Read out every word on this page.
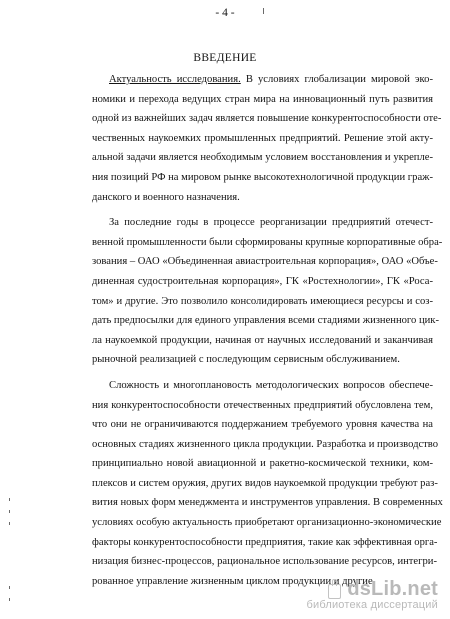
- 4 -
ВВЕДЕНИЕ
Актуальность исследования. В условиях глобализации мировой эко-
номики и перехода ведущих стран мира на инновационный путь развития
одной из важнейших задач является повышение конкурентоспособности оте-
чественных наукоемких промышленных предприятий. Решение этой акту-
альной задачи является необходимым условием восстановления и укрепле-
ния позиций РФ на мировом рынке высокотехнологичной продукции граж-
данского и военного назначения.
За последние годы в процессе реорганизации предприятий отечест-
венной промышленности были сформированы крупные корпоративные обра-
зования – ОАО «Объединенная авиастроительная корпорация», ОАО «Объе-
диненная судостроительная корпорация», ГК «Ростехнологии», ГК «Роса-
том» и другие. Это позволило консолидировать имеющиеся ресурсы и соз-
дать предпосылки для единого управления всеми стадиями жизненного цик-
ла наукоемкой продукции, начиная от научных исследований и заканчивая
рыночной реализацией с последующим сервисным обслуживанием.
Сложность и многоплановость методологических вопросов обеспече-
ния конкурентоспособности отечественных предприятий обусловлена тем,
что они не ограничиваются поддержанием требуемого уровня качества на
основных стадиях жизненного цикла продукции. Разработка и производство
принципиально новой авиационной и ракетно-космической техники, ком-
плексов и систем оружия, других видов наукоемкой продукции требуют раз-
вития новых форм менеджмента и инструментов управления. В современных
условиях особую актуальность приобретают организационно-экономические
факторы конкурентоспособности предприятия, такие как эффективная орга-
низация бизнес-процессов, рациональное использование ресурсов, интегри-
рованное управление жизненным циклом продукции и другие.
dsLib.net
библиотека диссертаций
